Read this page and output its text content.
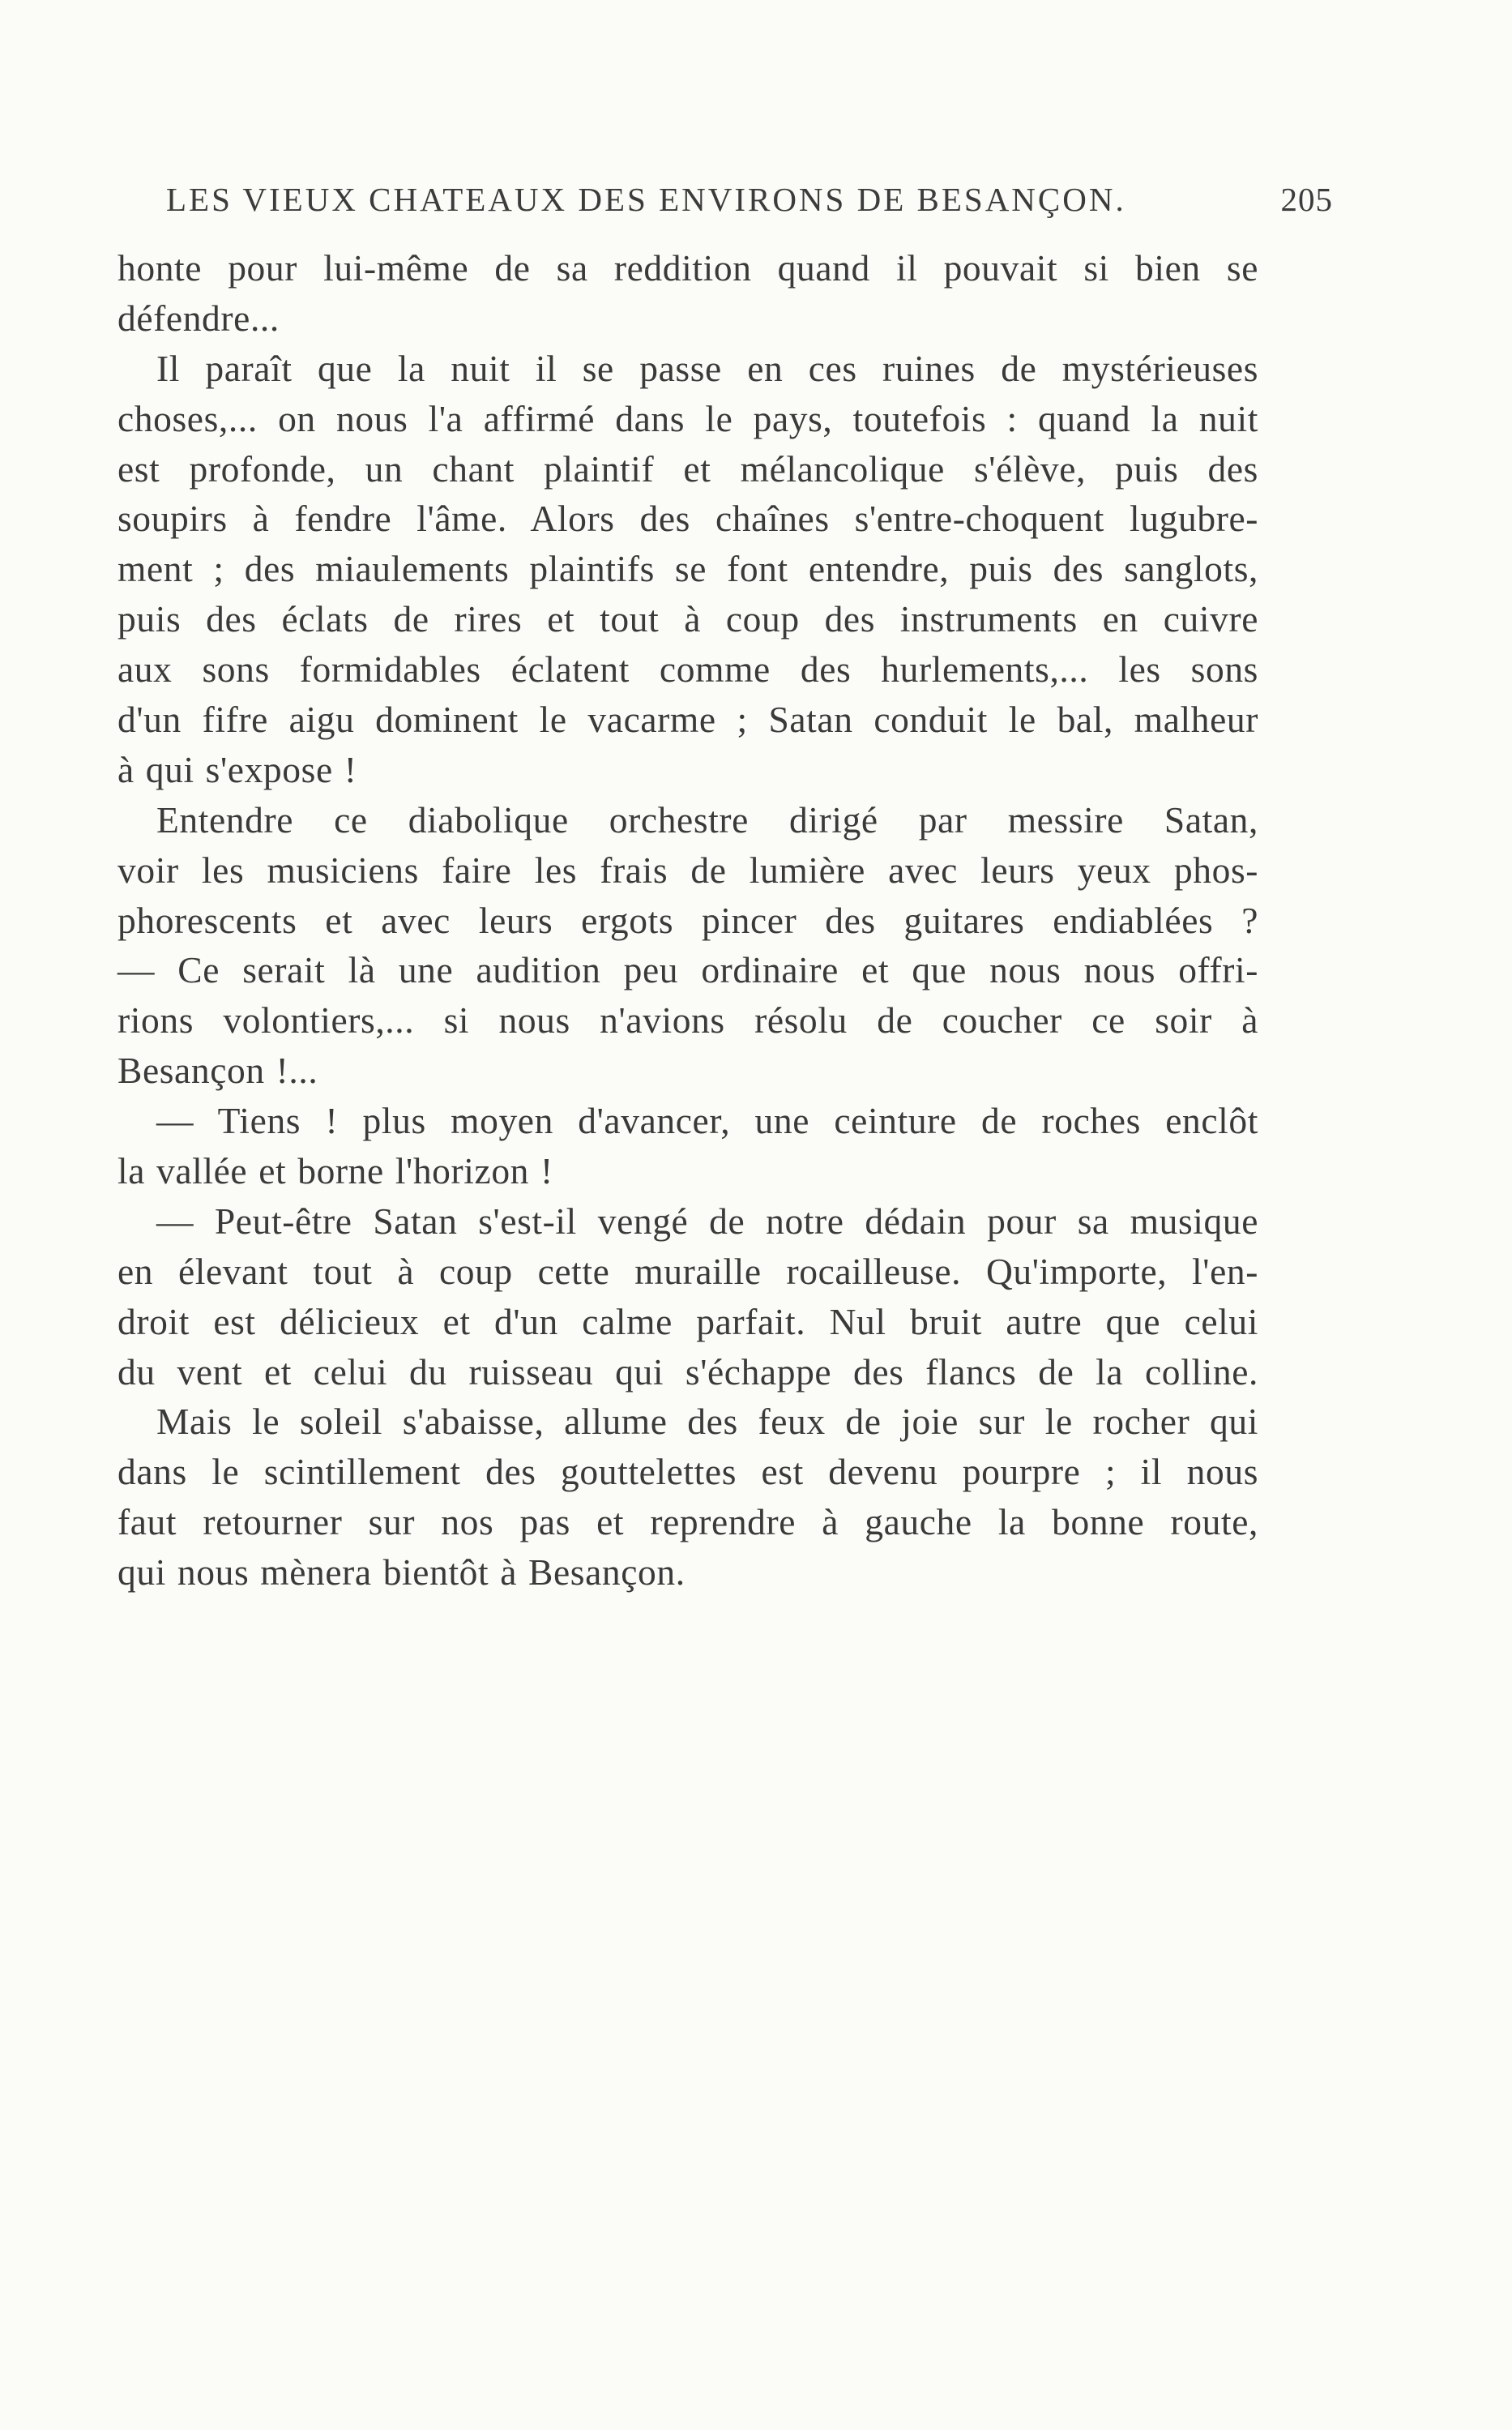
LES VIEUX CHATEAUX DES ENVIRONS DE BESANÇON.	205
honte pour lui-même de sa reddition quand il pouvait si bien se
défendre...
Il paraît que la nuit il se passe en ces ruines de mystérieuses
choses,... on nous l'a affirmé dans le pays, toutefois : quand la nuit
est profonde, un chant plaintif et mélancolique s'élève, puis des
soupirs à fendre l'âme. Alors des chaînes s'entre-choquent lugubre-
ment ; des miaulements plaintifs se font entendre, puis des sanglots,
puis des éclats de rires et tout à coup des instruments en cuivre
aux sons formidables éclatent comme des hurlements,... les sons
d'un fifre aigu dominent le vacarme ; Satan conduit le bal, malheur
à qui s'expose !
Entendre ce diabolique orchestre dirigé par messire Satan,
voir les musiciens faire les frais de lumière avec leurs yeux phos-
phorescents et avec leurs ergots pincer des guitares endiablées ?
— Ce serait là une audition peu ordinaire et que nous nous offri-
rions volontiers,... si nous n'avions résolu de coucher ce soir à
Besançon !...
— Tiens ! plus moyen d'avancer, une ceinture de roches enclôt
la vallée et borne l'horizon !
— Peut-être Satan s'est-il vengé de notre dédain pour sa musique
en élevant tout à coup cette muraille rocailleuse. Qu'importe, l'en-
droit est délicieux et d'un calme parfait. Nul bruit autre que celui
du vent et celui du ruisseau qui s'échappe des flancs de la colline.
Mais le soleil s'abaisse, allume des feux de joie sur le rocher qui
dans le scintillement des gouttelettes est devenu pourpre ; il nous
faut retourner sur nos pas et reprendre à gauche la bonne route,
qui nous mènera bientôt à Besançon.
